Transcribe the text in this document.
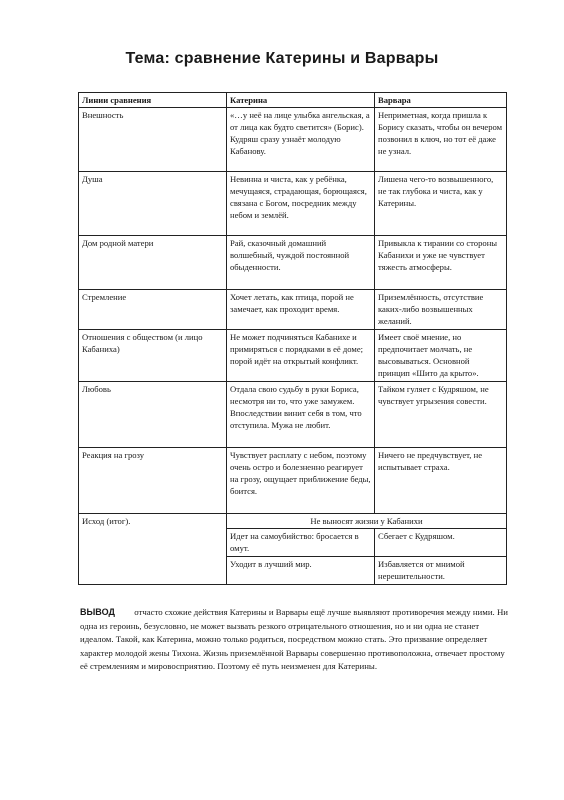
Тема: сравнение Катерины и Варвары
Линии сравнения	Катерина	Варвара
Внешность	«…у неё на лице улыбка ангельская, а от лица как будто светится» (Борис). Кудряш сразу узнаёт молодую Кабанову.	Неприметная, когда пришла к Борису сказать, чтобы он вечером позвонил в ключ, но тот её даже не узнал.
Душа	Невинна и чиста, как у ребёнка, мечущаяся, страдающая, борющаяся, связана с Богом, посредник между небом и землёй.	Лишена чего-то возвышенного, не так глубока и чиста, как у Катерины.
Дом родной матери	Рай, сказочный домашний волшебный, чуждой постоянной обыденности.	Привыкла к тирании со стороны Кабанихи и уже не чувствует тяжесть атмосферы.
Стремление	Хочет летать, как птица, порой не замечает, как проходит время.	Приземлённость, отсутствие каких-либо возвышенных желаний.
Отношения с обществом (и лицо Кабаниха)	Не может подчиняться Кабанихе и примиряться с порядками в её доме; порой идёт на открытый конфликт.	Имеет своё мнение, но предпочитает молчать, не высовываться. Основной принцип «Шито да крыто».
Любовь	Отдала свою судьбу в руки Бориса, несмотря ни то, что уже замужем. Впоследствии винит себя в том, что отступила. Мужа не любит.	Тайком гуляет с Кудряшом, не чувствует угрызения совести.
Реакция на грозу	Чувствует расплату с небом, поэтому очень остро и болезненно реагирует на грозу, ощущает приближение беды, боится.	Ничего не предчувствует, не испытывает страха.
Исход (итог).	Не выносят жизни у Кабанихи	
	Идет на самоубийство: бросается в омут.	Сбегает с Кудряшом.
	Уходит в лучший мир.	Избавляется от мнимой нерешительности.
ВЫВОД отчасто схожие действия Катерины и Варвары ещё лучше выявляют противоречия между ними. Ни одна из героинь, безусловно, не может вызвать резкого отрицательного отношения, но и ни одна не станет идеалом. Такой, как Катерина, можно только родиться, посредством можно стать. Это призвание определяет характер молодой жены Тихона. Жизнь приземлённой Варвары совершенно противоположна, отвечает простому её стремлениям и мировосприятию. Поэтому её путь неизменен для Катерины.
